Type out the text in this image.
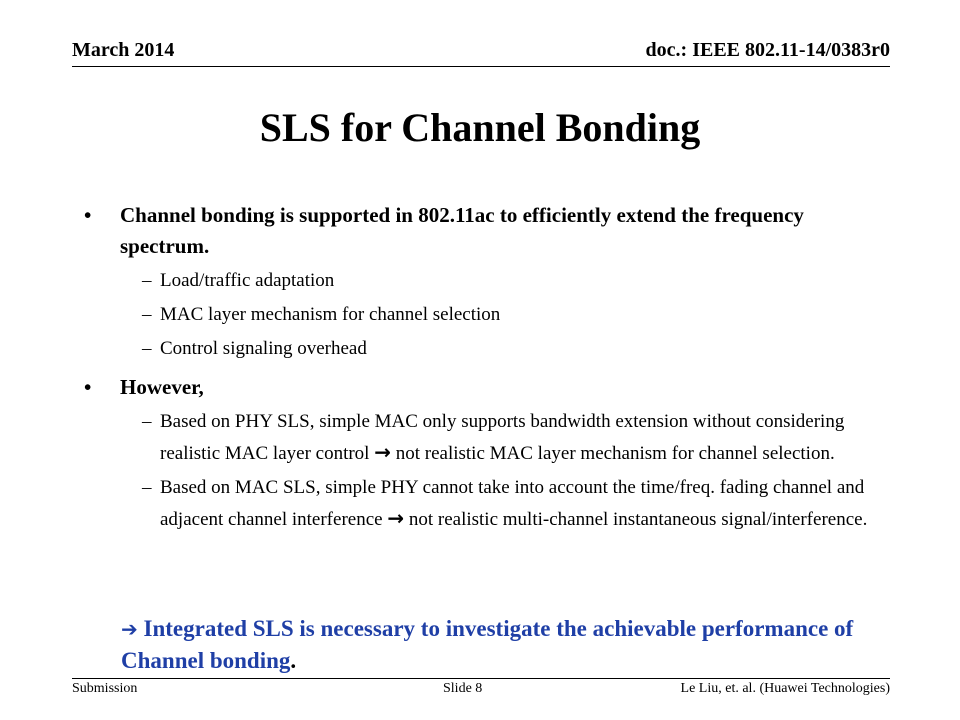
March 2014	doc.: IEEE 802.11-14/0383r0
SLS for Channel Bonding
• Channel bonding is supported in 802.11ac to efficiently extend the frequency spectrum.
– Load/traffic adaptation
– MAC layer mechanism for channel selection
– Control signaling overhead
• However,
– Based on PHY SLS, simple MAC only supports bandwidth extension without considering realistic MAC layer control → not realistic MAC layer mechanism for channel selection.
– Based on MAC SLS, simple PHY cannot take into account the time/freq. fading channel and adjacent channel interference → not realistic multi-channel instantaneous signal/interference.
➔ Integrated SLS is necessary to investigate the achievable performance of Channel bonding.
Submission	Slide 8	Le Liu, et. al. (Huawei Technologies)
